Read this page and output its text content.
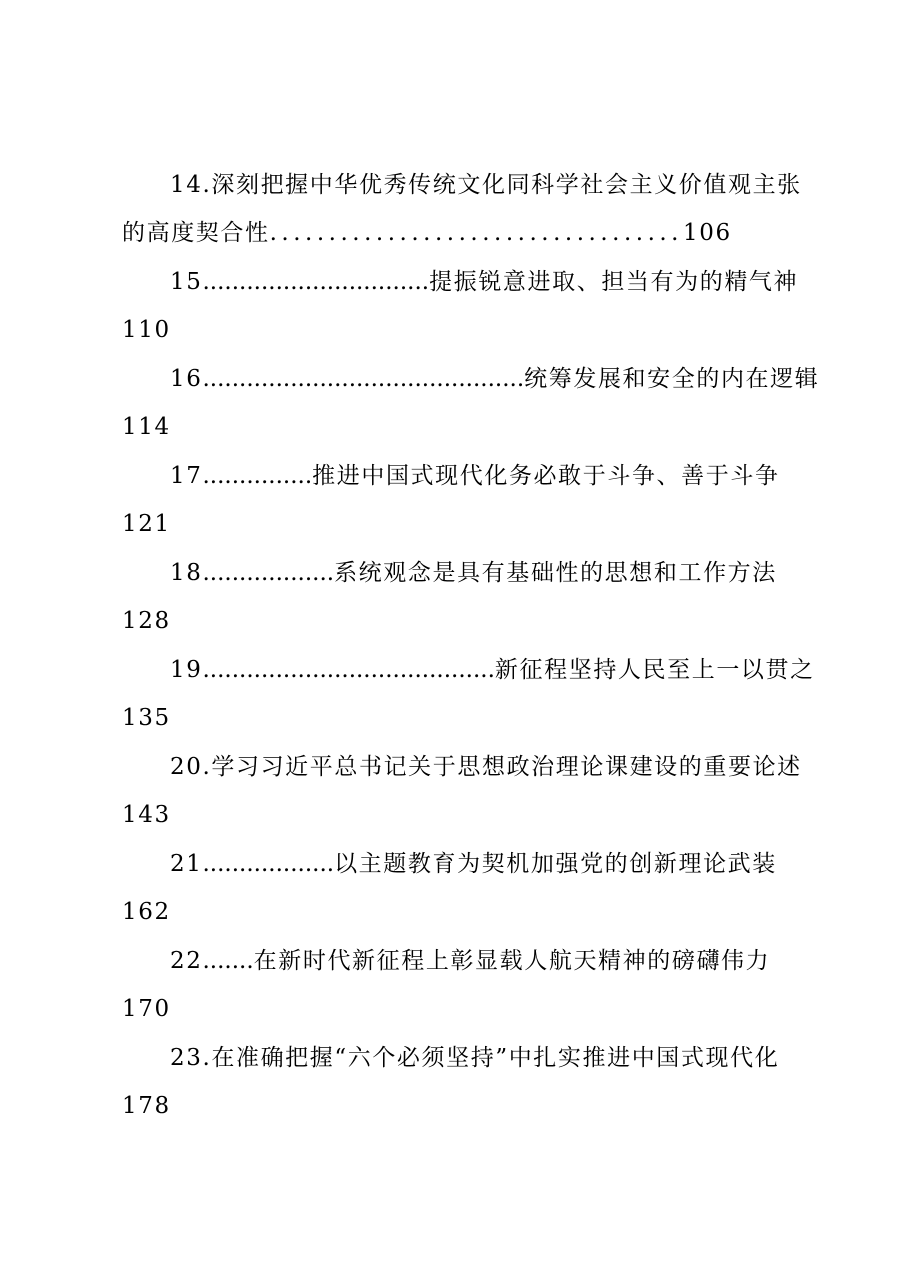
14.深刻把握中华优秀传统文化同科学社会主义价值观主张
的高度契合性...................................106
15...............................提振锐意进取、担当有为的精气神
110
16............................................统筹发展和安全的内在逻辑
114
17...............推进中国式现代化务必敢于斗争、善于斗争
121
18..................系统观念是具有基础性的思想和工作方法
128
19........................................新征程坚持人民至上一以贯之
135
20.学习习近平总书记关于思想政治理论课建设的重要论述
143
21..................以主题教育为契机加强党的创新理论武装
162
22.......在新时代新征程上彰显载人航天精神的磅礴伟力
170
23.在准确把握“六个必须坚持”中扎实推进中国式现代化
178
